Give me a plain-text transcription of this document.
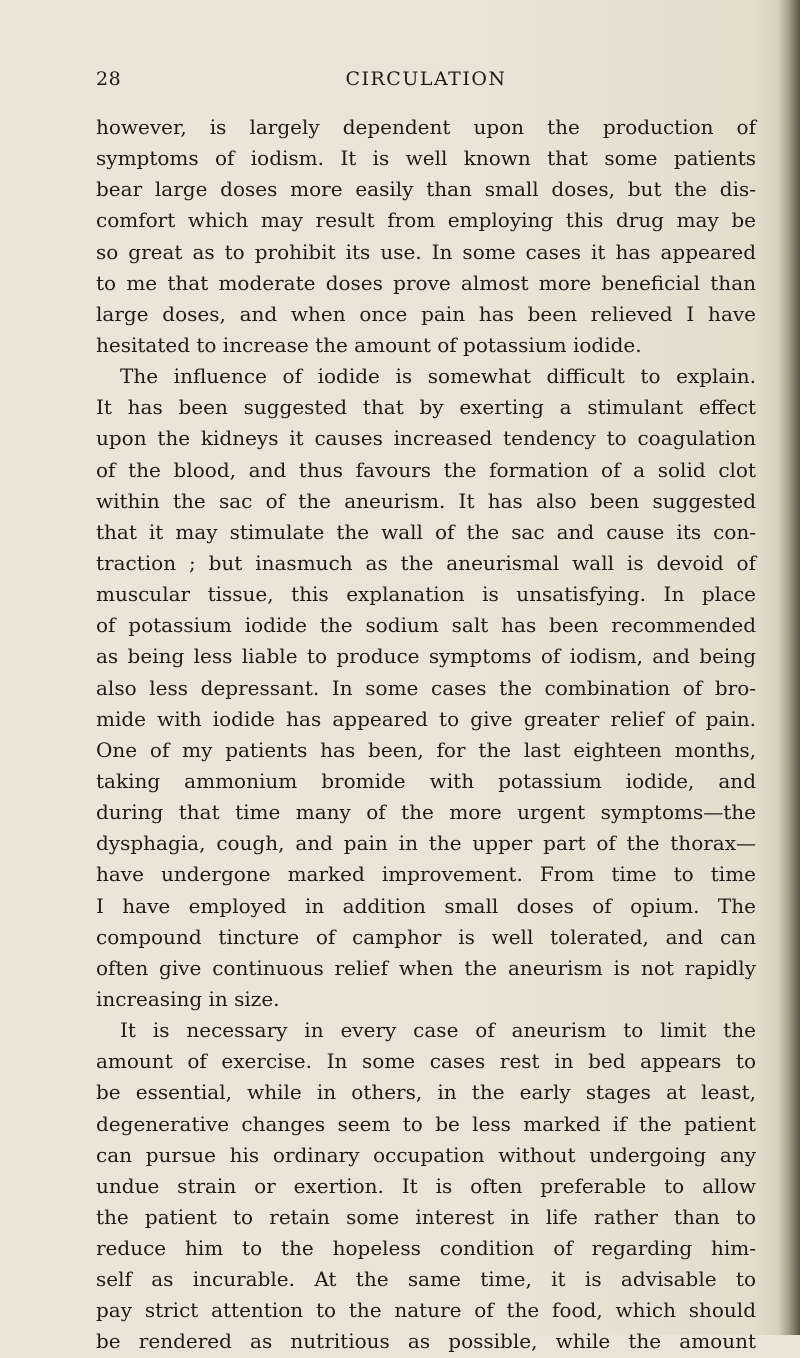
28	CIRCULATION
however, is largely dependent upon the production of
symptoms of iodism. It is well known that some patients
bear large doses more easily than small doses, but the dis-
comfort which may result from employing this drug may be
so great as to prohibit its use. In some cases it has appeared
to me that moderate doses prove almost more beneficial than
large doses, and when once pain has been relieved I have
hesitated to increase the amount of potassium iodide.
The influence of iodide is somewhat difficult to explain.
It has been suggested that by exerting a stimulant effect
upon the kidneys it causes increased tendency to coagulation
of the blood, and thus favours the formation of a solid clot
within the sac of the aneurism. It has also been suggested
that it may stimulate the wall of the sac and cause its con-
traction ; but inasmuch as the aneurismal wall is devoid of
muscular tissue, this explanation is unsatisfying. In place
of potassium iodide the sodium salt has been recommended
as being less liable to produce symptoms of iodism, and being
also less depressant. In some cases the combination of bro-
mide with iodide has appeared to give greater relief of pain.
One of my patients has been, for the last eighteen months,
taking ammonium bromide with potassium iodide, and
during that time many of the more urgent symptoms—the
dysphagia, cough, and pain in the upper part of the thorax—
have undergone marked improvement. From time to time
I have employed in addition small doses of opium. The
compound tincture of camphor is well tolerated, and can
often give continuous relief when the aneurism is not rapidly
increasing in size.
It is necessary in every case of aneurism to limit the
amount of exercise. In some cases rest in bed appears to
be essential, while in others, in the early stages at least,
degenerative changes seem to be less marked if the patient
can pursue his ordinary occupation without undergoing any
undue strain or exertion. It is often preferable to allow
the patient to retain some interest in life rather than to
reduce him to the hopeless condition of regarding him-
self as incurable. At the same time, it is advisable to
pay strict attention to the nature of the food, which should
be rendered as nutritious as possible, while the amount
